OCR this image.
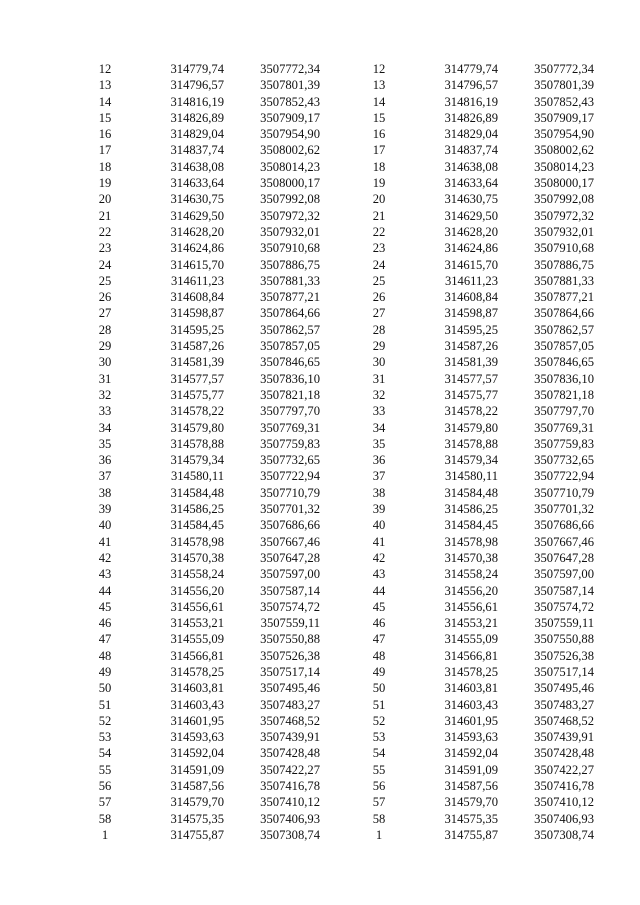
12	314779,74	3507772,34
13	314796,57	3507801,39
14	314816,19	3507852,43
15	314826,89	3507909,17
16	314829,04	3507954,90
17	314837,74	3508002,62
18	314638,08	3508014,23
19	314633,64	3508000,17
20	314630,75	3507992,08
21	314629,50	3507972,32
22	314628,20	3507932,01
23	314624,86	3507910,68
24	314615,70	3507886,75
25	314611,23	3507881,33
26	314608,84	3507877,21
27	314598,87	3507864,66
28	314595,25	3507862,57
29	314587,26	3507857,05
30	314581,39	3507846,65
31	314577,57	3507836,10
32	314575,77	3507821,18
33	314578,22	3507797,70
34	314579,80	3507769,31
35	314578,88	3507759,83
36	314579,34	3507732,65
37	314580,11	3507722,94
38	314584,48	3507710,79
39	314586,25	3507701,32
40	314584,45	3507686,66
41	314578,98	3507667,46
42	314570,38	3507647,28
43	314558,24	3507597,00
44	314556,20	3507587,14
45	314556,61	3507574,72
46	314553,21	3507559,11
47	314555,09	3507550,88
48	314566,81	3507526,38
49	314578,25	3507517,14
50	314603,81	3507495,46
51	314603,43	3507483,27
52	314601,95	3507468,52
53	314593,63	3507439,91
54	314592,04	3507428,48
55	314591,09	3507422,27
56	314587,56	3507416,78
57	314579,70	3507410,12
58	314575,35	3507406,93
1	314755,87	3507308,74
12	314779,74	3507772,34
13	314796,57	3507801,39
14	314816,19	3507852,43
15	314826,89	3507909,17
16	314829,04	3507954,90
17	314837,74	3508002,62
18	314638,08	3508014,23
19	314633,64	3508000,17
20	314630,75	3507992,08
21	314629,50	3507972,32
22	314628,20	3507932,01
23	314624,86	3507910,68
24	314615,70	3507886,75
25	314611,23	3507881,33
26	314608,84	3507877,21
27	314598,87	3507864,66
28	314595,25	3507862,57
29	314587,26	3507857,05
30	314581,39	3507846,65
31	314577,57	3507836,10
32	314575,77	3507821,18
33	314578,22	3507797,70
34	314579,80	3507769,31
35	314578,88	3507759,83
36	314579,34	3507732,65
37	314580,11	3507722,94
38	314584,48	3507710,79
39	314586,25	3507701,32
40	314584,45	3507686,66
41	314578,98	3507667,46
42	314570,38	3507647,28
43	314558,24	3507597,00
44	314556,20	3507587,14
45	314556,61	3507574,72
46	314553,21	3507559,11
47	314555,09	3507550,88
48	314566,81	3507526,38
49	314578,25	3507517,14
50	314603,81	3507495,46
51	314603,43	3507483,27
52	314601,95	3507468,52
53	314593,63	3507439,91
54	314592,04	3507428,48
55	314591,09	3507422,27
56	314587,56	3507416,78
57	314579,70	3507410,12
58	314575,35	3507406,93
1	314755,87	3507308,74
